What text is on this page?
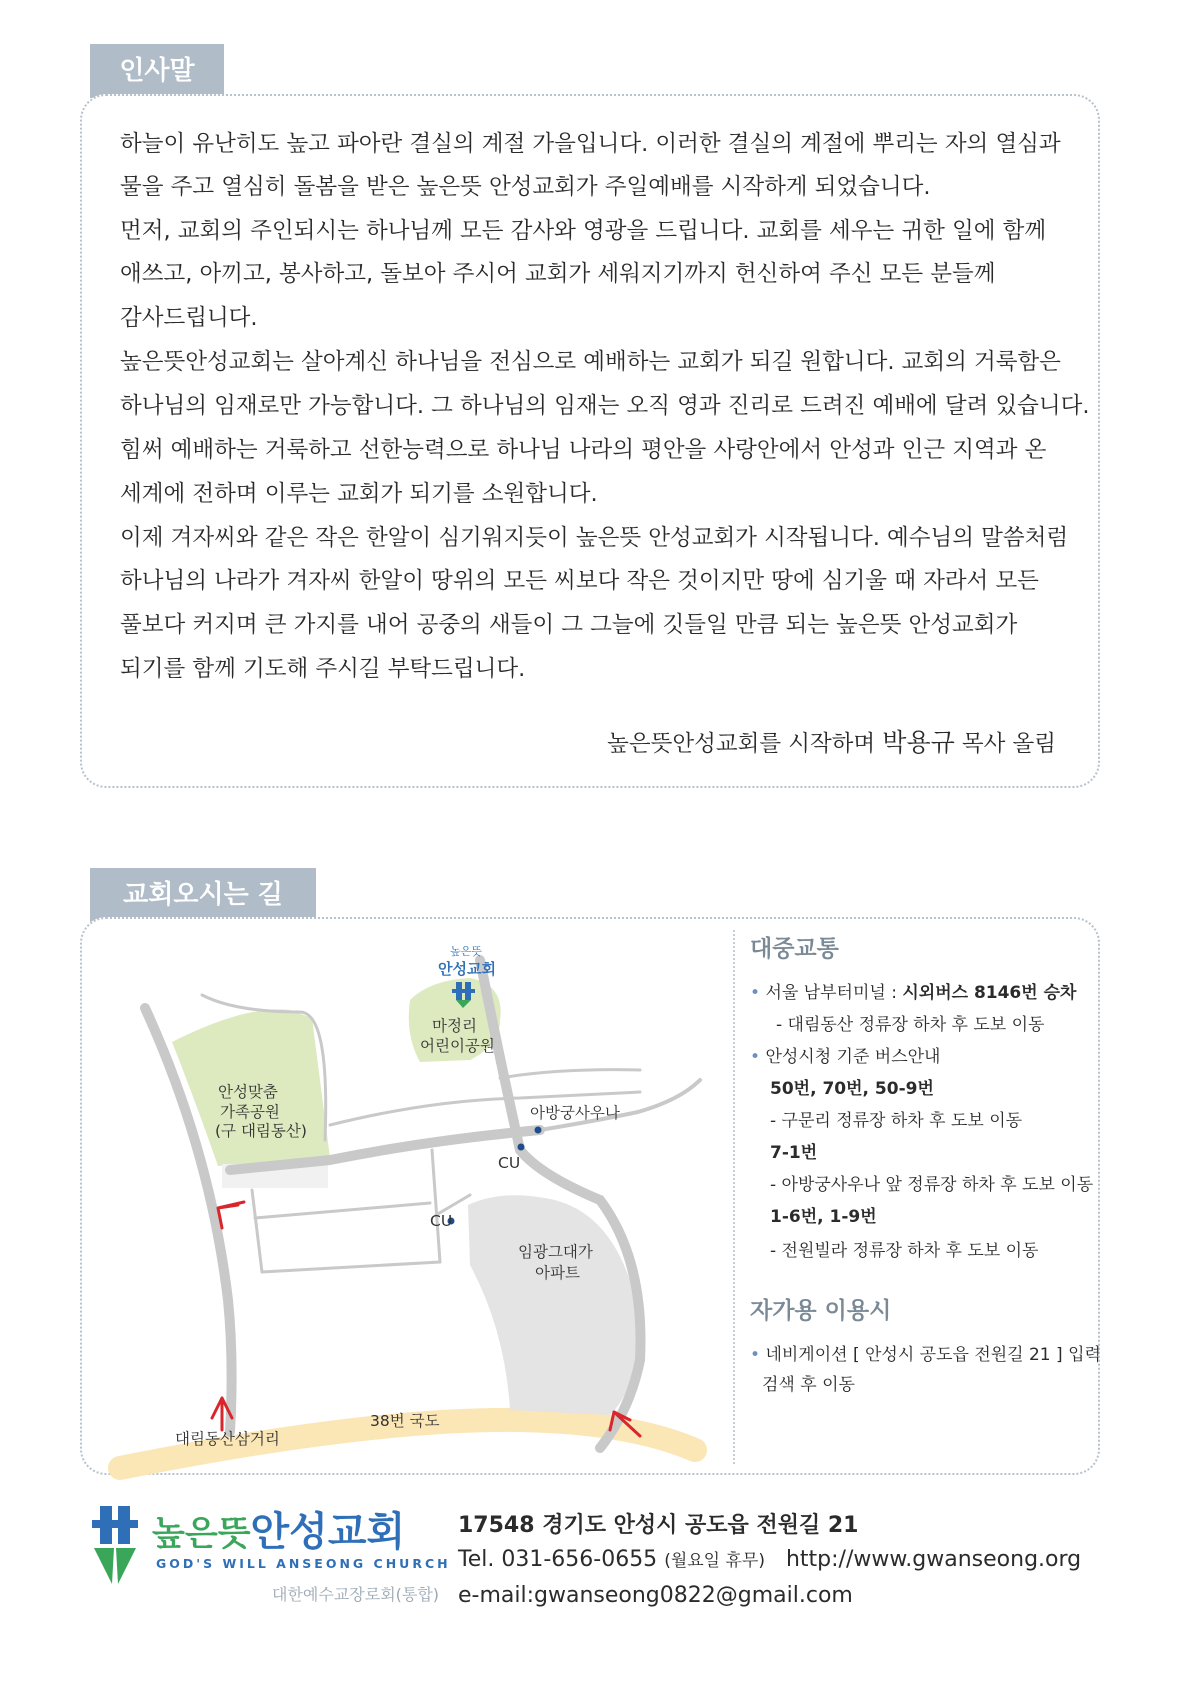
인사말
하늘이 유난히도 높고 파아란 결실의 계절 가을입니다. 이러한 결실의 계절에 뿌리는 자의 열심과
물을 주고 열심히 돌봄을 받은 높은뜻 안성교회가 주일예배를 시작하게 되었습니다.
먼저, 교회의 주인되시는 하나님께 모든 감사와 영광을 드립니다. 교회를 세우는 귀한 일에 함께
애쓰고, 아끼고, 봉사하고, 돌보아 주시어 교회가 세워지기까지 헌신하여 주신 모든 분들께
감사드립니다.
높은뜻안성교회는 살아계신 하나님을 전심으로 예배하는 교회가 되길 원합니다. 교회의 거룩함은
하나님의 임재로만 가능합니다. 그 하나님의 임재는 오직 영과 진리로 드려진 예배에 달려 있습니다.
힘써 예배하는 거룩하고 선한능력으로 하나님 나라의 평안을 사랑안에서 안성과 인근 지역과 온
세계에 전하며 이루는 교회가 되기를 소원합니다.
이제 겨자씨와 같은 작은 한알이 심기워지듯이 높은뜻 안성교회가 시작됩니다. 예수님의 말씀처럼
하나님의 나라가 겨자씨 한알이 땅위의 모든 씨보다 작은 것이지만 땅에 심기울 때 자라서 모든
풀보다 커지며 큰 가지를 내어 공중의 새들이 그 그늘에 깃들일 만큼 되는 높은뜻 안성교회가
되기를 함께 기도해 주시길 부탁드립니다.
높은뜻안성교회를 시작하며 박용규 목사 올림
교회오시는 길
높은뜻
안성교회
마정리
어린이공원
안성맞춤
가족공원
(구 대림동산)
아방궁사우나
CU
CU
임광그대가
아파트
대림동산삼거리
38번 국도
대중교통
• 서울 남부터미널 : 시외버스 8146번 승차
- 대림동산 정류장 하차 후 도보 이동
• 안성시청 기준 버스안내
50번, 70번, 50-9번
- 구문리 정류장 하차 후 도보 이동
7-1번
- 아방궁사우나 앞 정류장 하차 후 도보 이동
1-6번, 1-9번
- 전원빌라 정류장 하차 후 도보 이동
자가용 이용시
• 네비게이션 [ 안성시 공도읍 전원길 21 ] 입력
검색 후 이동
높은뜻안성교회
GOD'S WILL ANSEONG CHURCH
대한예수교장로회(통합)
17548 경기도 안성시 공도읍 전원길 21
Tel. 031-656-0655 (월요일 휴무) http://www.gwanseong.org
e-mail:gwanseong0822@gmail.com
